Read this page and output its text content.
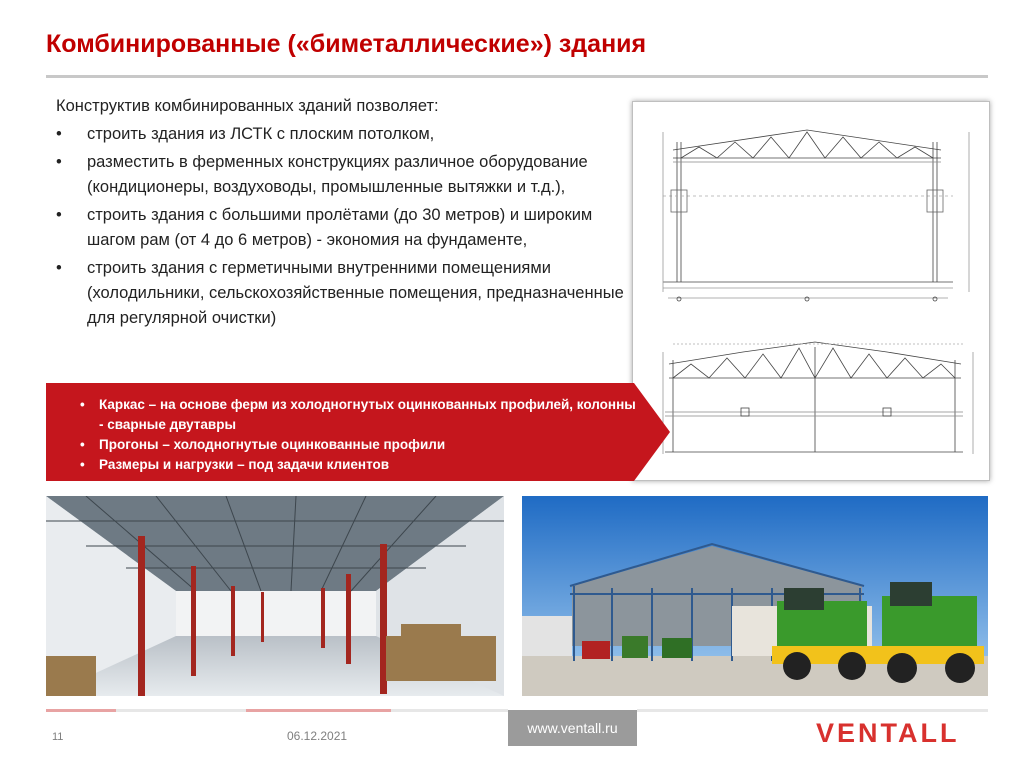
Комбинированные («биметаллические») здания
Конструктив комбинированных зданий позволяет:
• строить здания из ЛСТК с плоским потолком,
• разместить в ферменных конструкциях различное оборудование (кондиционеры, воздуховоды, промышленные вытяжки и т.д.),
• строить здания с большими пролётами (до 30 метров) и широким шагом рам (от 4 до 6 метров) - экономия на фундаменте,
• строить здания с герметичными внутренними помещениями (холодильники, сельскохозяйственные помещения, предназначенные для регулярной очистки)
• Каркас – на основе ферм из холодногнутых оцинкованных профилей, колонны - сварные двутавры
• Прогоны – холодногнутые оцинкованные профили
• Размеры и нагрузки – под задачи клиентов
11	06.12.2021	www.ventall.ru	VENTALL
